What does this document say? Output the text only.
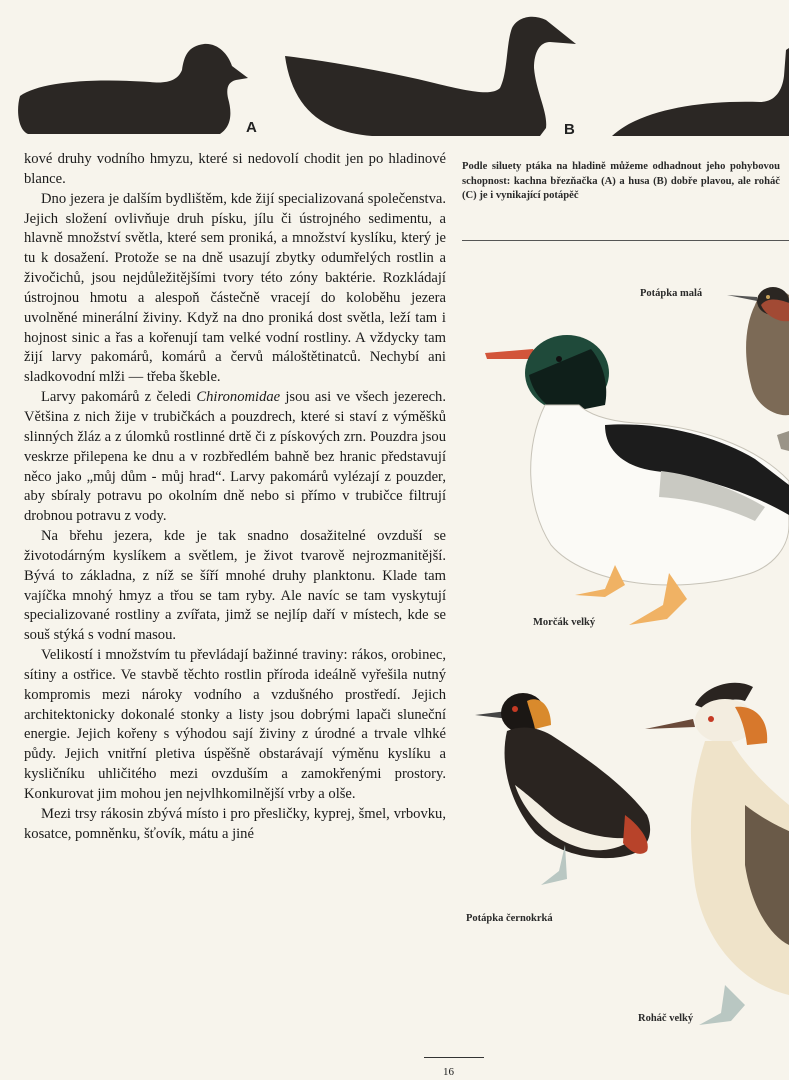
A	B

kové druhy vodního hmyzu, které si nedovolí chodit jen po hladinové blance.

Dno jezera je dalším bydlištěm, kde žijí specializovaná společenstva. Jejich složení ovlivňuje druh písku, jílu či ústrojného sedimentu, a hlavně množství světla, které sem proniká, a množství kyslíku, který je tu k dosažení. Protože se na dně usazují zbytky odumřelých rostlin a živočichů, jsou nejdůležitějšími tvory této zóny baktérie. Rozkládají ústrojnou hmotu a alespoň částečně vracejí do koloběhu jezera uvolněné minerální živiny. Když na dno proniká dost světla, leží tam i hojnost sinic a řas a kořenují tam velké vodní rostliny. A vždycky tam žijí larvy pakomárů, komárů a červů máloštětinatců. Nechybí ani sladkovodní mlži — třeba škeble.

Larvy pakomárů z čeledi Chironomidae jsou asi ve všech jezerech. Většina z nich žije v trubičkách a pouzdrech, které si staví z výměšků slinných žláz a z úlomků rostlinné drtě či z pískových zrn. Pouzdra jsou veskrze přilepena ke dnu a v rozbředlém bahně bez hranic představují něco jako „můj dům - můj hrad“. Larvy pakomárů vylézají z pouzder, aby sbíraly potravu po okolním dně nebo si přímo v trubičce filtrují drobnou potravu z vody.

Na břehu jezera, kde je tak snadno dosažitelné ovzduší se životodárným kyslíkem a světlem, je život tvarově nejrozmanitější. Bývá to základna, z níž se šíří mnohé druhy planktonu. Klade tam vajíčka mnohý hmyz a třou se tam ryby. Ale navíc se tam vyskytují specializované rostliny a zvířata, jimž se nejlíp daří v místech, kde se souš stýká s vodní masou.

Velikostí i množstvím tu převládají bažinné traviny: rákos, orobinec, sítiny a ostřice. Ve stavbě těchto rostlin příroda ideálně vyřešila nutný kompromis mezi nároky vodního a vzdušného prostředí. Jejich architektonicky dokonalé stonky a listy jsou dobrými lapači sluneční energie. Jejich kořeny s výhodou sají živiny z úrodné a trvale vlhké půdy. Jejich vnitřní pletiva úspěšně obstarávají výměnu kyslíku a kysličníku uhličitého mezi ovzduším a zamokřenými prostory. Konkurovat jim mohou jen nejvlhkomilnější vrby a olše.

Mezi trsy rákosin zbývá místo i pro přesličky, kyprej, šmel, vrbovku, kosatce, pomněnku, šťovík, mátu a jiné

Podle siluety ptáka na hladině můžeme odhadnout jeho pohybovou schopnost: kachna březňačka (A) a husa (B) dobře plavou, ale roháč (C) je i vynikající potápěč
Potápka malá
Morčák velký
Potápka černokrká
Roháč velký
16
